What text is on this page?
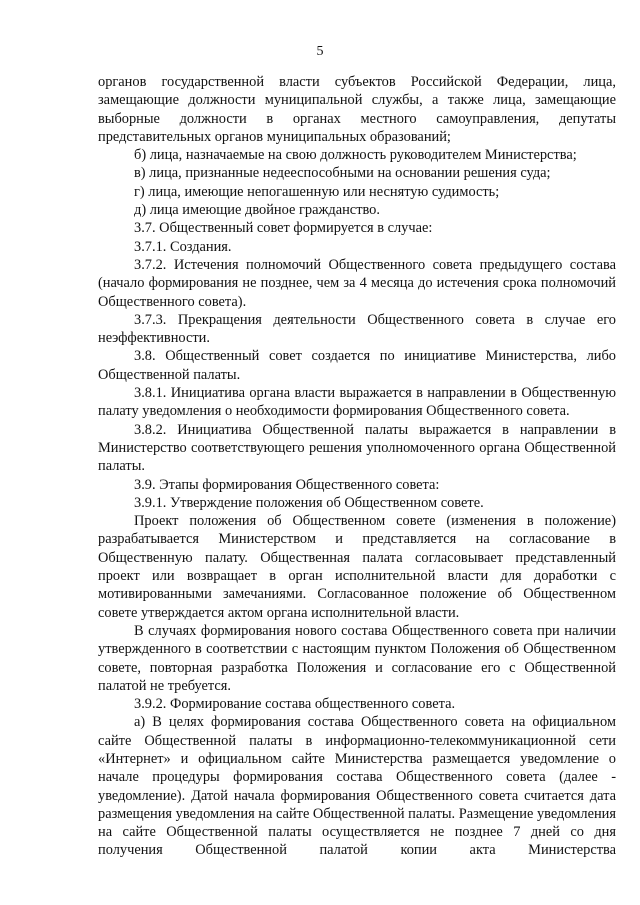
5

органов государственной власти субъектов Российской Федерации, лица, замещающие должности муниципальной службы, а также лица, замещающие выборные должности в органах местного самоуправления, депутаты представительных органов муниципальных образований;

б) лица, назначаемые на свою должность руководителем Министерства;

в) лица, признанные недееспособными на основании решения суда;

г) лица, имеющие непогашенную или неснятую судимость;

д) лица имеющие двойное гражданство.

3.7. Общественный совет формируется в случае:

3.7.1. Создания.

3.7.2. Истечения полномочий Общественного совета предыдущего состава (начало формирования не позднее, чем за 4 месяца до истечения срока полномочий Общественного совета).

3.7.3. Прекращения деятельности Общественного совета в случае его неэффективности.

3.8. Общественный совет создается по инициативе Министерства, либо Общественной палаты.

3.8.1. Инициатива органа власти выражается в направлении в Общественную палату уведомления о необходимости формирования Общественного совета.

3.8.2. Инициатива Общественной палаты выражается в направлении в Министерство соответствующего решения уполномоченного органа Общественной палаты.

3.9. Этапы формирования Общественного совета:

3.9.1. Утверждение положения об Общественном совете.

Проект положения об Общественном совете (изменения в положение) разрабатывается Министерством и представляется на согласование в Общественную палату. Общественная палата согласовывает представленный проект или возвращает в орган исполнительной власти для доработки с мотивированными замечаниями. Согласованное положение об Общественном совете утверждается актом органа исполнительной власти.

В случаях формирования нового состава Общественного совета при наличии утвержденного в соответствии с настоящим пунктом Положения об Общественном совете, повторная разработка Положения и согласование его с Общественной палатой не требуется.

3.9.2. Формирование состава общественного совета.

а) В целях формирования состава Общественного совета на официальном сайте Общественной палаты в информационно-телекоммуникационной сети «Интернет» и официальном сайте Министерства размещается уведомление о начале процедуры формирования состава Общественного совета (далее - уведомление). Датой начала формирования Общественного совета считается дата размещения уведомления на сайте Общественной палаты. Размещение уведомления на сайте Общественной палаты осуществляется не позднее 7 дней со дня получения Общественной палатой копии акта Министерства
